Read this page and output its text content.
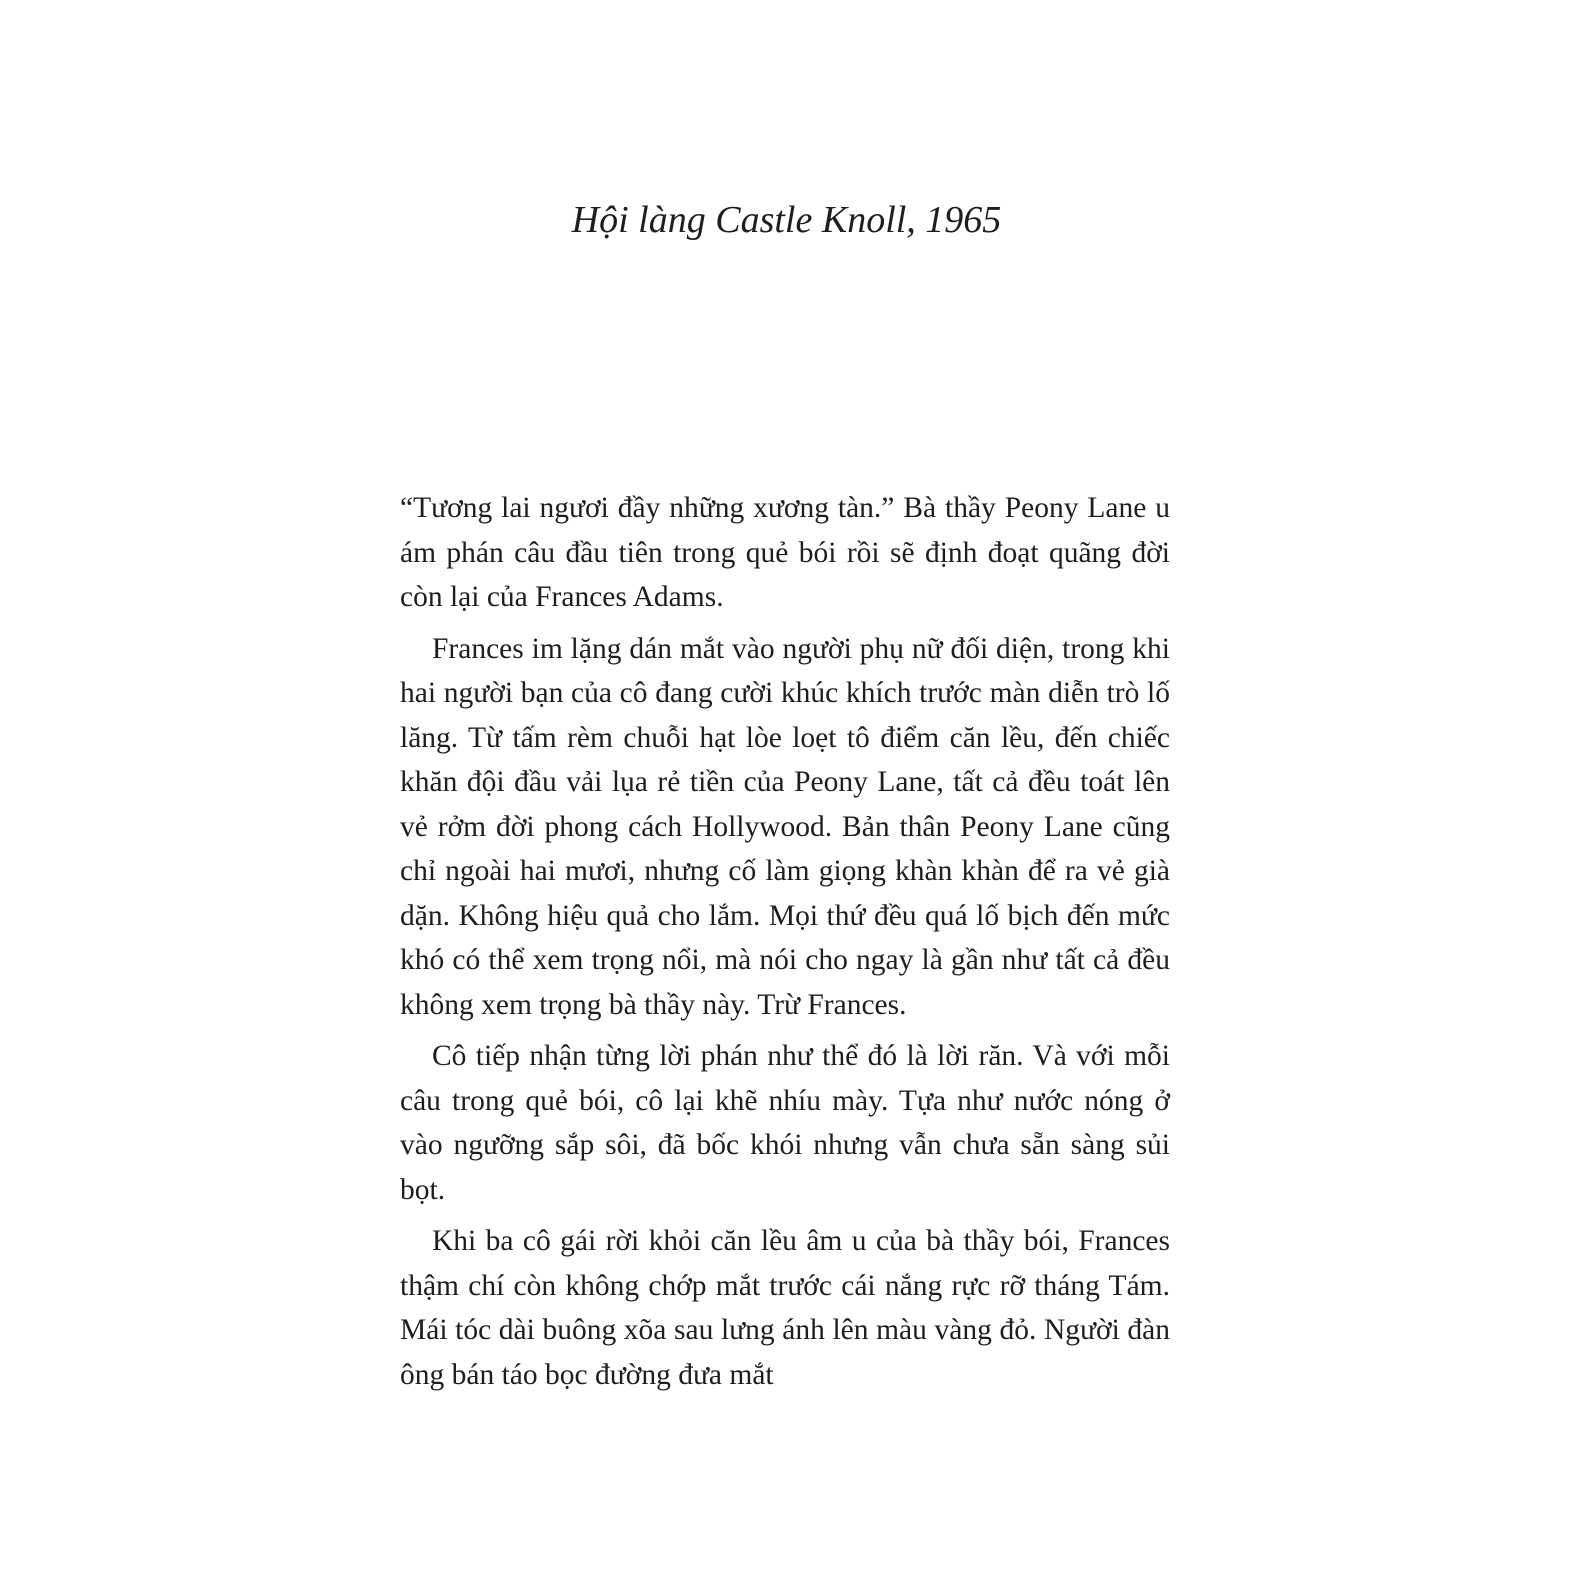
Hội làng Castle Knoll, 1965

“Tương lai ngươi đầy những xương tàn.” Bà thầy Peony Lane u ám phán câu đầu tiên trong quẻ bói rồi sẽ định đoạt quãng đời còn lại của Frances Adams.

Frances im lặng dán mắt vào người phụ nữ đối diện, trong khi hai người bạn của cô đang cười khúc khích trước màn diễn trò lố lăng. Từ tấm rèm chuỗi hạt lòe loẹt tô điểm căn lều, đến chiếc khăn đội đầu vải lụa rẻ tiền của Peony Lane, tất cả đều toát lên vẻ rởm đời phong cách Hollywood. Bản thân Peony Lane cũng chỉ ngoài hai mươi, nhưng cố làm giọng khàn khàn để ra vẻ già dặn. Không hiệu quả cho lắm. Mọi thứ đều quá lố bịch đến mức khó có thể xem trọng nổi, mà nói cho ngay là gần như tất cả đều không xem trọng bà thầy này. Trừ Frances.

Cô tiếp nhận từng lời phán như thể đó là lời răn. Và với mỗi câu trong quẻ bói, cô lại khẽ nhíu mày. Tựa như nước nóng ở vào ngưỡng sắp sôi, đã bốc khói nhưng vẫn chưa sẵn sàng sủi bọt.

Khi ba cô gái rời khỏi căn lều âm u của bà thầy bói, Frances thậm chí còn không chớp mắt trước cái nắng rực rỡ tháng Tám. Mái tóc dài buông xõa sau lưng ánh lên màu vàng đỏ. Người đàn ông bán táo bọc đường đưa mắt
